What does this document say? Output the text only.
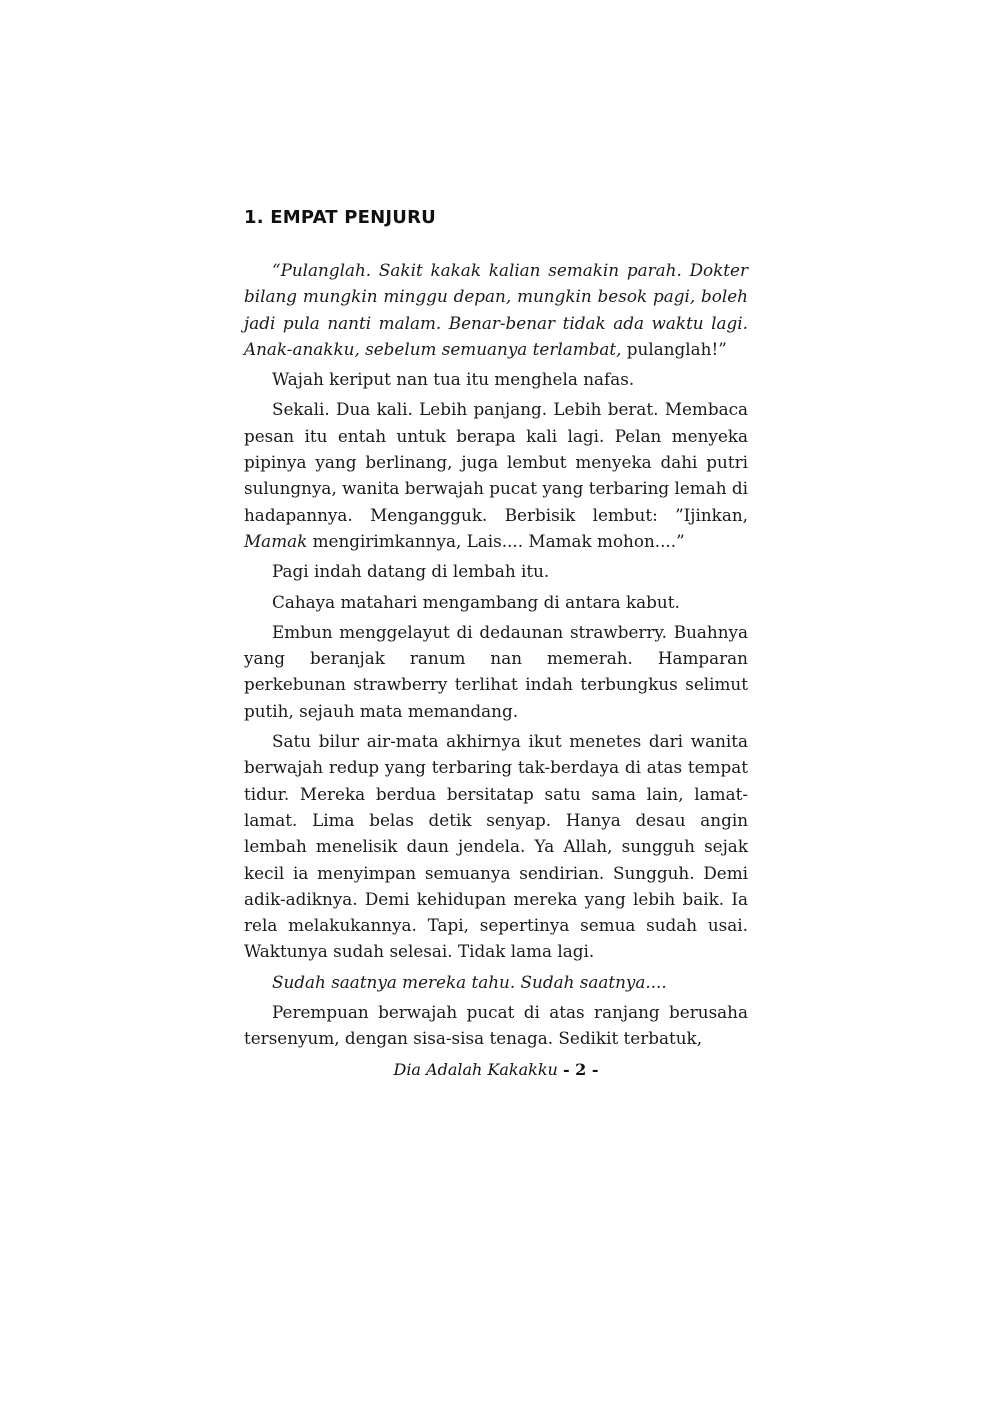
1. EMPAT PENJURU

“Pulanglah. Sakit kakak kalian semakin parah. Dokter bilang mungkin minggu depan, mungkin besok pagi, boleh jadi pula nanti malam. Benar-benar tidak ada waktu lagi. Anak-anakku, sebelum semuanya terlambat, pulanglah!”

Wajah keriput nan tua itu menghela nafas.

Sekali. Dua kali. Lebih panjang. Lebih berat. Membaca pesan itu entah untuk berapa kali lagi. Pelan menyeka pipinya yang berlinang, juga lembut menyeka dahi putri sulungnya, wanita berwajah pucat yang terbaring lemah di hadapannya. Mengangguk. Berbisik lembut: ”Ijinkan, Mamak mengirimkannya, Lais.... Mamak mohon....”

Pagi indah datang di lembah itu.

Cahaya matahari mengambang di antara kabut.

Embun menggelayut di dedaunan strawberry. Buahnya yang beranjak ranum nan memerah. Hamparan perkebunan strawberry terlihat indah terbungkus selimut putih, sejauh mata memandang.

Satu bilur air-mata akhirnya ikut menetes dari wanita berwajah redup yang terbaring tak-berdaya di atas tempat tidur. Mereka berdua bersitatap satu sama lain, lamat-lamat. Lima belas detik senyap. Hanya desau angin lembah menelisik daun jendela. Ya Allah, sungguh sejak kecil ia menyimpan semuanya sendirian. Sungguh. Demi adik-adiknya. Demi kehidupan mereka yang lebih baik. Ia rela melakukannya. Tapi, sepertinya semua sudah usai. Waktunya sudah selesai. Tidak lama lagi.

Sudah saatnya mereka tahu. Sudah saatnya....

Perempuan berwajah pucat di atas ranjang berusaha tersenyum, dengan sisa-sisa tenaga. Sedikit terbatuk,

Dia Adalah Kakakku - 2 -
